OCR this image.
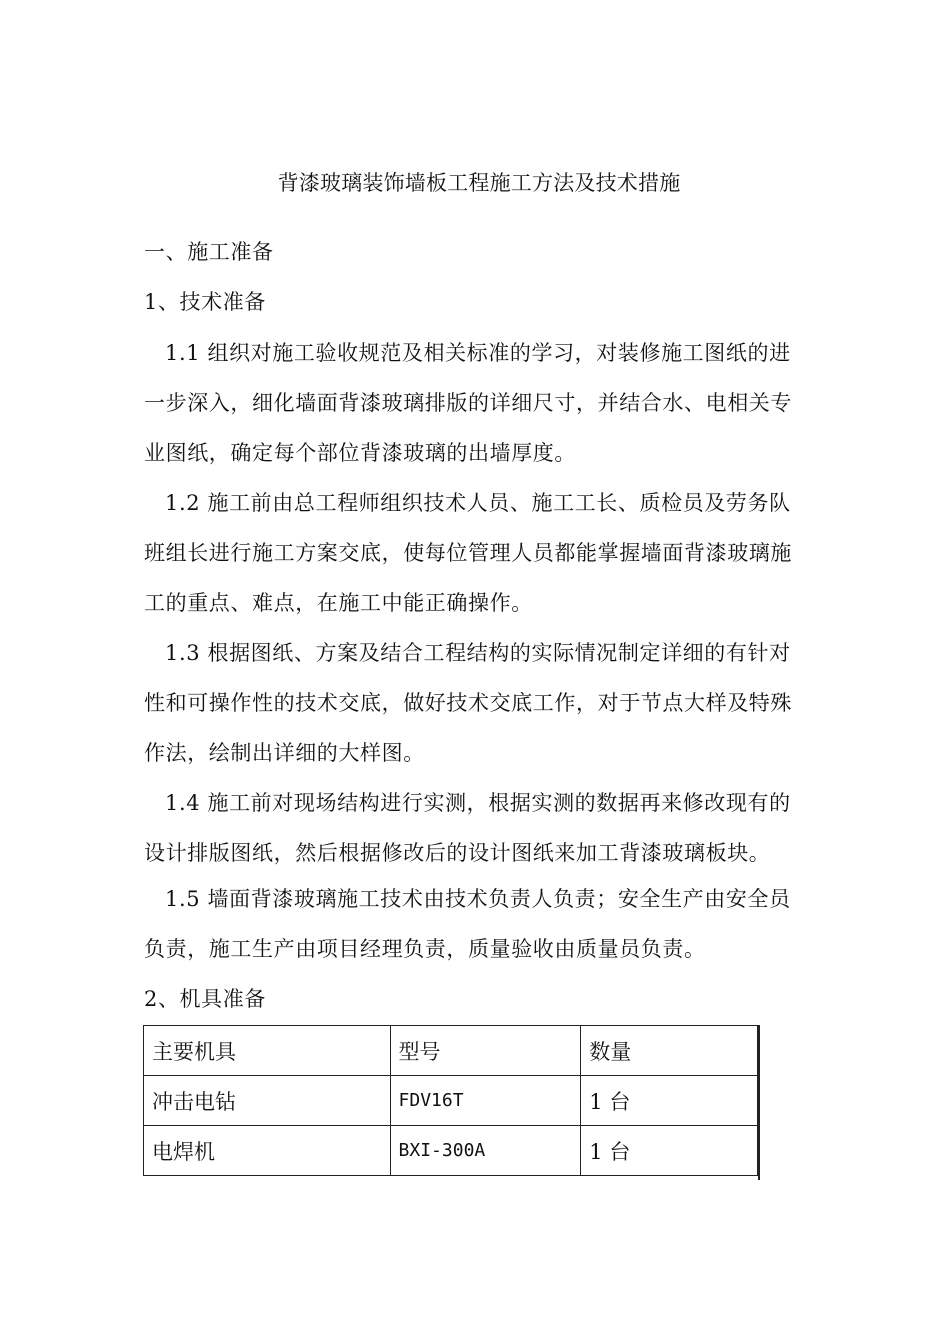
背漆玻璃装饰墙板工程施工方法及技术措施
一、施工准备
1、技术准备
1.1 组织对施工验收规范及相关标准的学习，对装修施工图纸的进
一步深入，细化墙面背漆玻璃排版的详细尺寸，并结合水、电相关专
业图纸，确定每个部位背漆玻璃的出墙厚度。
1.2 施工前由总工程师组织技术人员、施工工长、质检员及劳务队
班组长进行施工方案交底，使每位管理人员都能掌握墙面背漆玻璃施
工的重点、难点，在施工中能正确操作。
1.3 根据图纸、方案及结合工程结构的实际情况制定详细的有针对
性和可操作性的技术交底，做好技术交底工作，对于节点大样及特殊
作法，绘制出详细的大样图。
1.4 施工前对现场结构进行实测，根据实测的数据再来修改现有的
设计排版图纸，然后根据修改后的设计图纸来加工背漆玻璃板块。
1.5 墙面背漆玻璃施工技术由技术负责人负责；安全生产由安全员
负责，施工生产由项目经理负责，质量验收由质量员负责。
2、机具准备
主要机具	型号	数量
冲击电钻	FDV16T	1 台
电焊机	BXI-300A	1 台
